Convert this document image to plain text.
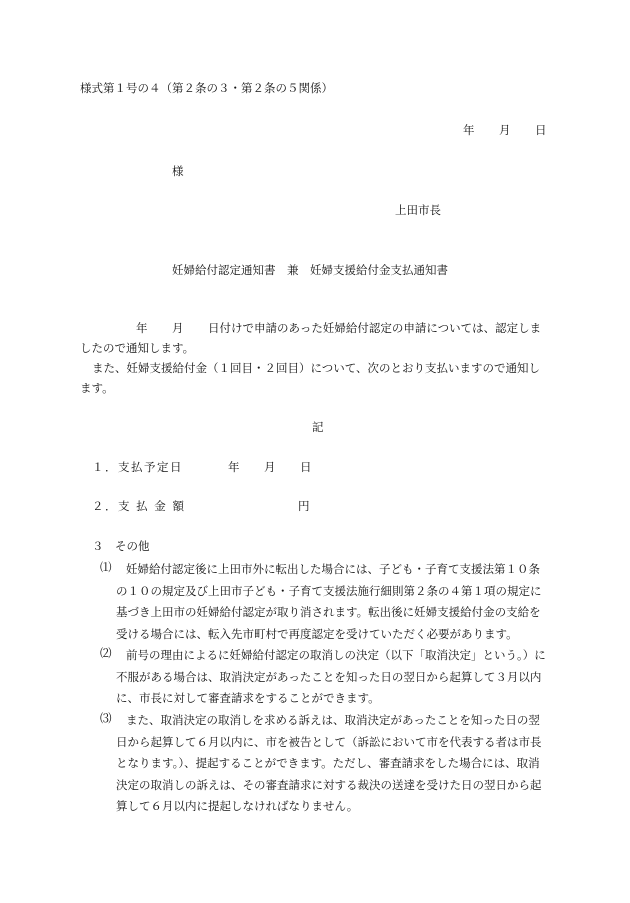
様式第１号の４（第２条の３・第２条の５関係）
年 月 日
様
上田市長
妊婦給付認定通知書　兼　妊婦支援給付金支払通知書
年 月 日付けで申請のあった妊婦給付認定の申請については、認定しま
したので通知します。
また、妊婦支援給付金（１回目・２回目）について、次のとおり支払いますので通知し
ます。
記
１．支払予定日	年 月 日
２．支 払 金 額	円
３　その他
⑴	妊婦給付認定後に上田市外に転出した場合には、子ども・子育て支援法第１０条の１０の規定及び上田市子ども・子育て支援法施行細則第２条の４第１項の規定に基づき上田市の妊婦給付認定が取り消されます。転出後に妊婦支援給付金の支給を受ける場合には、転入先市町村で再度認定を受けていただく必要があります。
⑵	前号の理由によるに妊婦給付認定の取消しの決定（以下「取消決定」という。）に不服がある場合は、取消決定があったことを知った日の翌日から起算して３月以内に、市長に対して審査請求をすることができます。
⑶	また、取消決定の取消しを求める訴えは、取消決定があったことを知った日の翌日から起算して６月以内に、市を被告として（訴訟において市を代表する者は市長となります。）、提起することができます。ただし、審査請求をした場合には、取消決定の取消しの訴えは、その審査請求に対する裁決の送達を受けた日の翌日から起算して６月以内に提起しなければなりません。
